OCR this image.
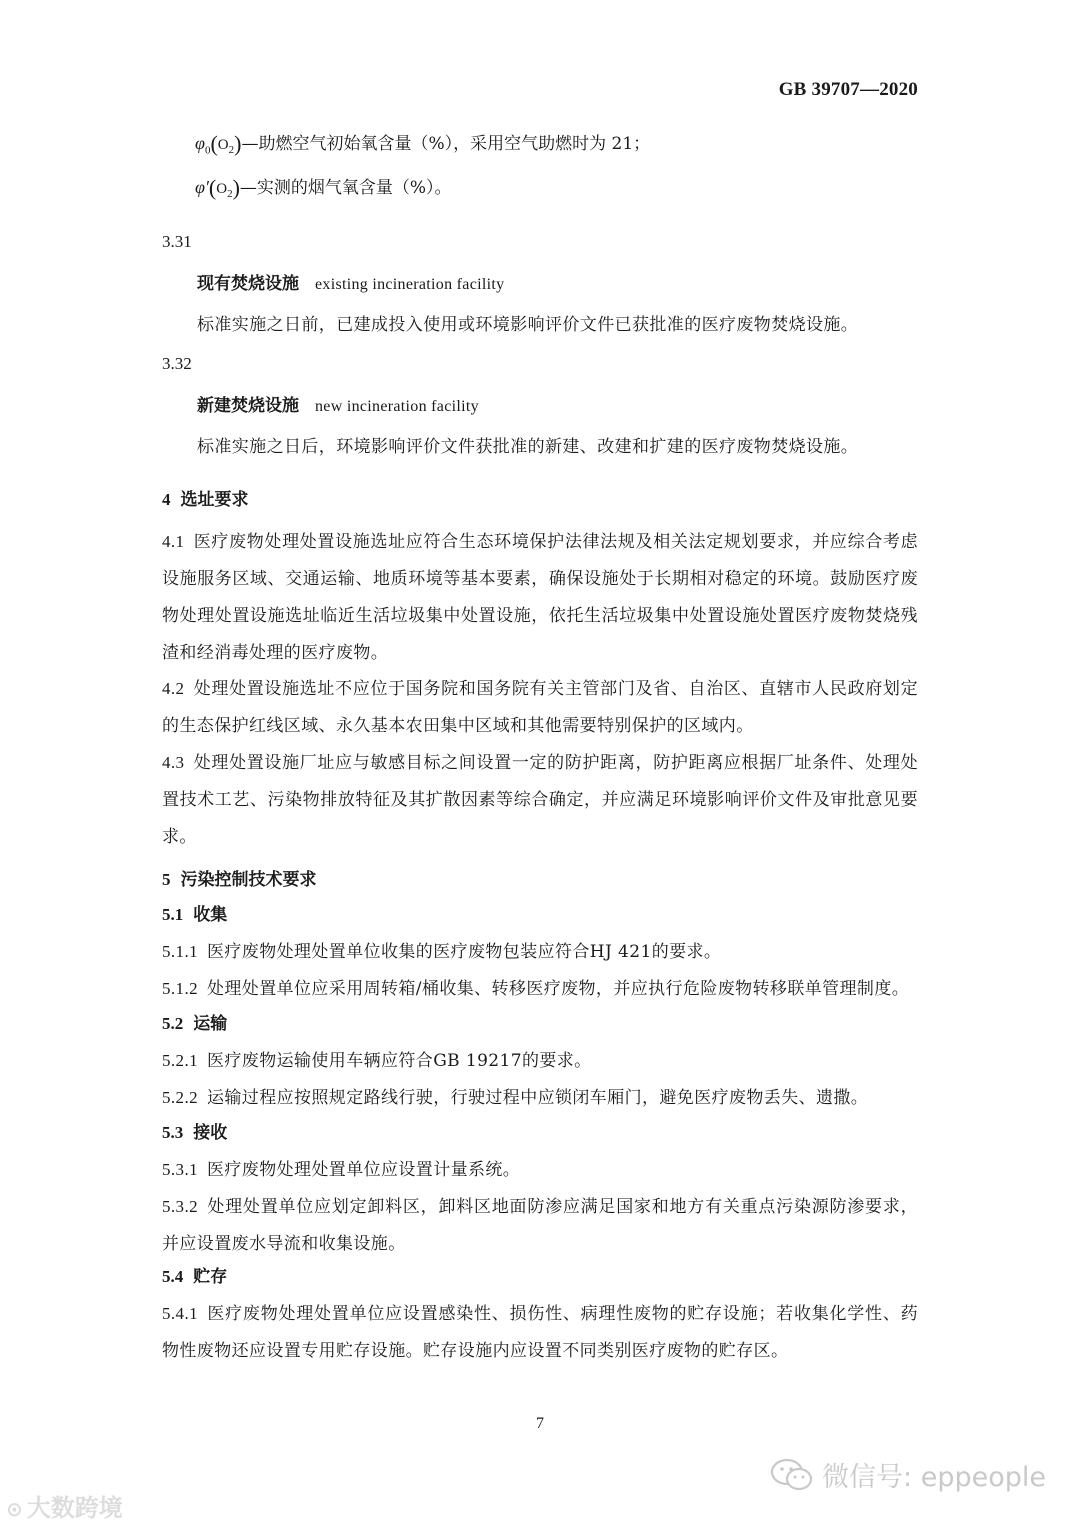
GB 39707—2020
$\varphi_0(O_2)—$助燃空气初始氧含量（%），采用空气助燃时为 21；
$\varphi'(O_2)—$实测的烟气氧含量（%）。
3.31
现有焚烧设施 existing incineration facility
标准实施之日前，已建成投入使用或环境影响评价文件已获批准的医疗废物焚烧设施。
3.32
新建焚烧设施 new incineration facility
标准实施之日后，环境影响评价文件获批准的新建、改建和扩建的医疗废物焚烧设施。
4 选址要求
4.1 医疗废物处理处置设施选址应符合生态环境保护法律法规及相关法定规划要求，并应综合考虑设施服务区域、交通运输、地质环境等基本要素，确保设施处于长期相对稳定的环境。鼓励医疗废物处理处置设施选址临近生活垃圾集中处置设施，依托生活垃圾集中处置设施处置医疗废物焚烧残渣和经消毒处理的医疗废物。
4.2 处理处置设施选址不应位于国务院和国务院有关主管部门及省、自治区、直辖市人民政府划定的生态保护红线区域、永久基本农田集中区域和其他需要特别保护的区域内。
4.3 处理处置设施厂址应与敏感目标之间设置一定的防护距离，防护距离应根据厂址条件、处理处置技术工艺、污染物排放特征及其扩散因素等综合确定，并应满足环境影响评价文件及审批意见要求。
5 污染控制技术要求
5.1 收集
5.1.1 医疗废物处理处置单位收集的医疗废物包装应符合HJ 421的要求。
5.1.2 处理处置单位应采用周转箱/桶收集、转移医疗废物，并应执行危险废物转移联单管理制度。
5.2 运输
5.2.1 医疗废物运输使用车辆应符合GB 19217的要求。
5.2.2 运输过程应按照规定路线行驶，行驶过程中应锁闭车厢门，避免医疗废物丢失、遗撒。
5.3 接收
5.3.1 医疗废物处理处置单位应设置计量系统。
5.3.2 处理处置单位应划定卸料区，卸料区地面防渗应满足国家和地方有关重点污染源防渗要求，并应设置废水导流和收集设施。
5.4 贮存
5.4.1 医疗废物处理处置单位应设置感染性、损伤性、病理性废物的贮存设施；若收集化学性、药物性废物还应设置专用贮存设施。贮存设施内应设置不同类别医疗废物的贮存区。
7
⊙ 大数跨境
微信号: eppeople
